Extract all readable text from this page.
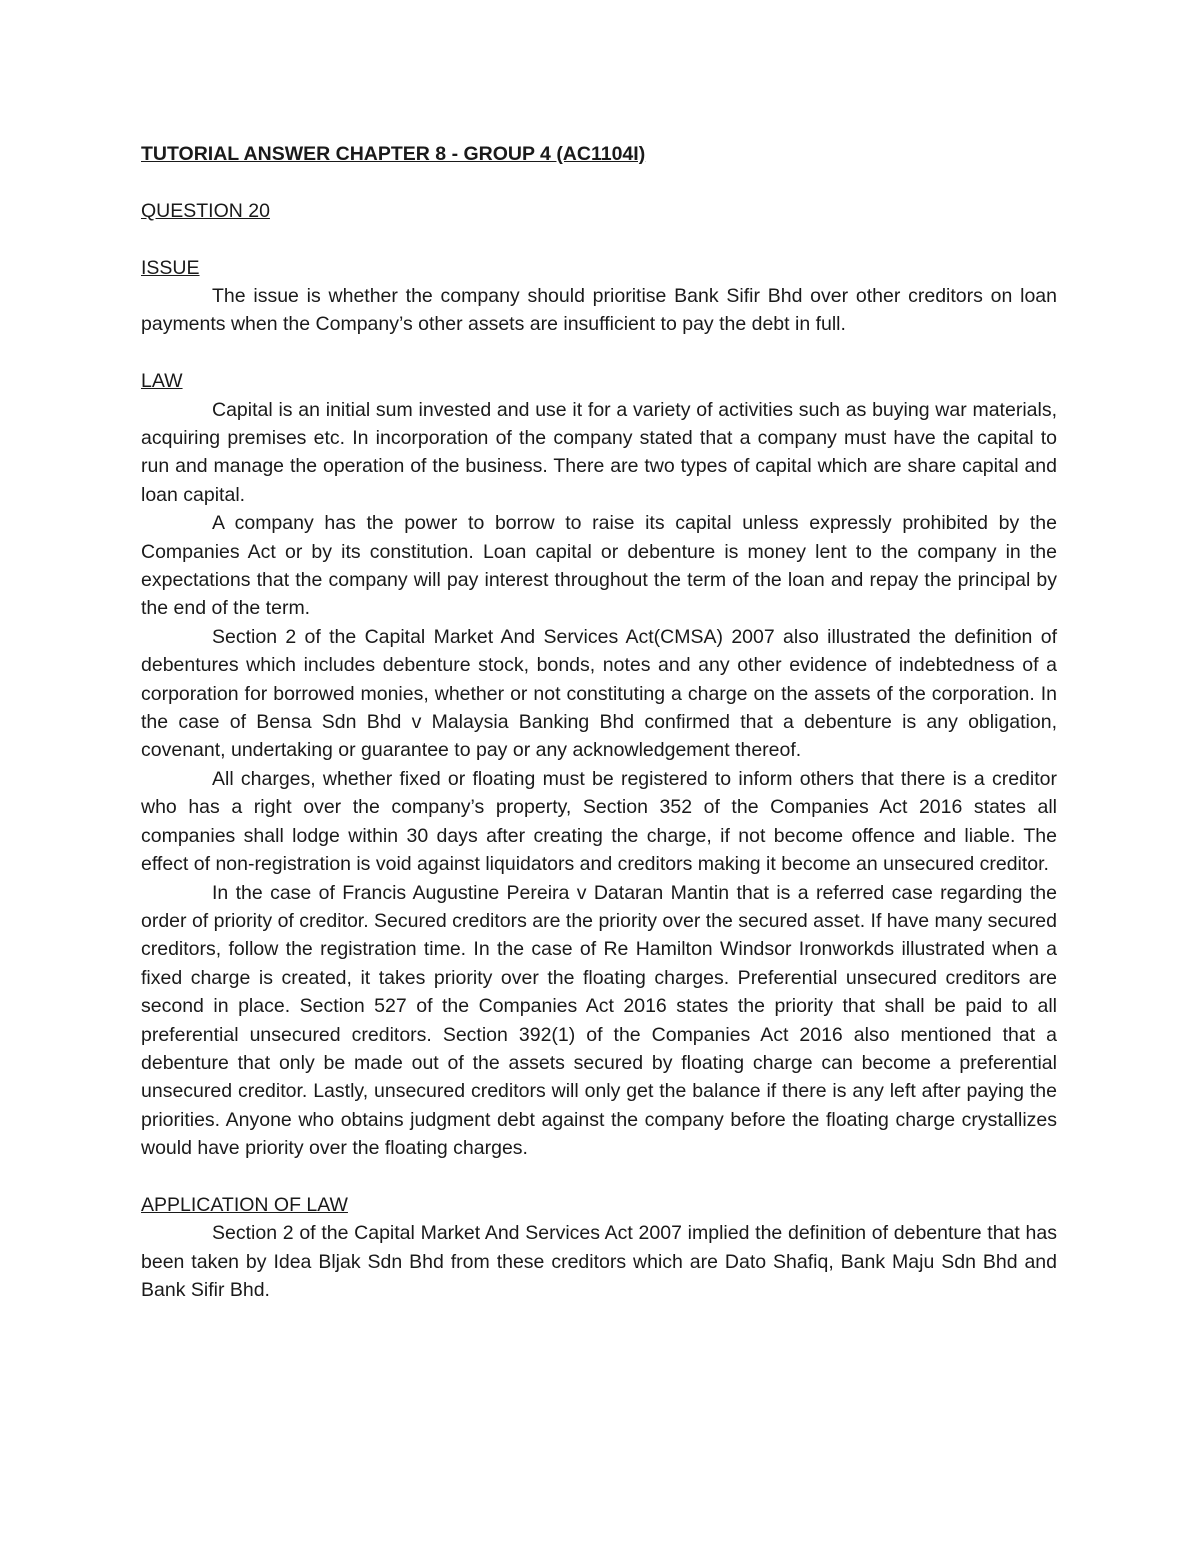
TUTORIAL ANSWER CHAPTER 8 - GROUP 4 (AC1104I)

QUESTION 20

ISSUE

The issue is whether the company should prioritise Bank Sifir Bhd over other creditors on loan payments when the Company’s other assets are insufficient to pay the debt in full.

LAW

Capital is an initial sum invested and use it for a variety of activities such as buying war materials, acquiring premises etc. In incorporation of the company stated that a company must have the capital to run and manage the operation of the business. There are two types of capital which are share capital and loan capital.

A company has the power to borrow to raise its capital unless expressly prohibited by the Companies Act or by its constitution. Loan capital or debenture is money lent to the company in the expectations that the company will pay interest throughout the term of the loan and repay the principal by the end of the term.

Section 2 of the Capital Market And Services Act(CMSA) 2007 also illustrated the definition of debentures which includes debenture stock, bonds, notes and any other evidence of indebtedness of a corporation for borrowed monies, whether or not constituting a charge on the assets of the corporation. In the case of Bensa Sdn Bhd v Malaysia Banking Bhd confirmed that a debenture is any obligation, covenant, undertaking or guarantee to pay or any acknowledgement thereof.

All charges, whether fixed or floating must be registered to inform others that there is a creditor who has a right over the company’s property, Section 352 of the Companies Act 2016 states all companies shall lodge within 30 days after creating the charge, if not become offence and liable. The effect of non-registration is void against liquidators and creditors making it become an unsecured creditor.

In the case of Francis Augustine Pereira v Dataran Mantin that is a referred case regarding the order of priority of creditor. Secured creditors are the priority over the secured asset. If have many secured creditors, follow the registration time. In the case of Re Hamilton Windsor Ironworkds illustrated when a fixed charge is created, it takes priority over the floating charges. Preferential unsecured creditors are second in place. Section 527 of the Companies Act 2016 states the priority that shall be paid to all preferential unsecured creditors. Section 392(1) of the Companies Act 2016 also mentioned that a debenture that only be made out of the assets secured by floating charge can become a preferential unsecured creditor. Lastly, unsecured creditors will only get the balance if there is any left after paying the priorities. Anyone who obtains judgment debt against the company before the floating charge crystallizes would have priority over the floating charges.

APPLICATION OF LAW

Section 2 of the Capital Market And Services Act 2007 implied the definition of debenture that has been taken by Idea Bljak Sdn Bhd from these creditors which are Dato Shafiq, Bank Maju Sdn Bhd and Bank Sifir Bhd.
